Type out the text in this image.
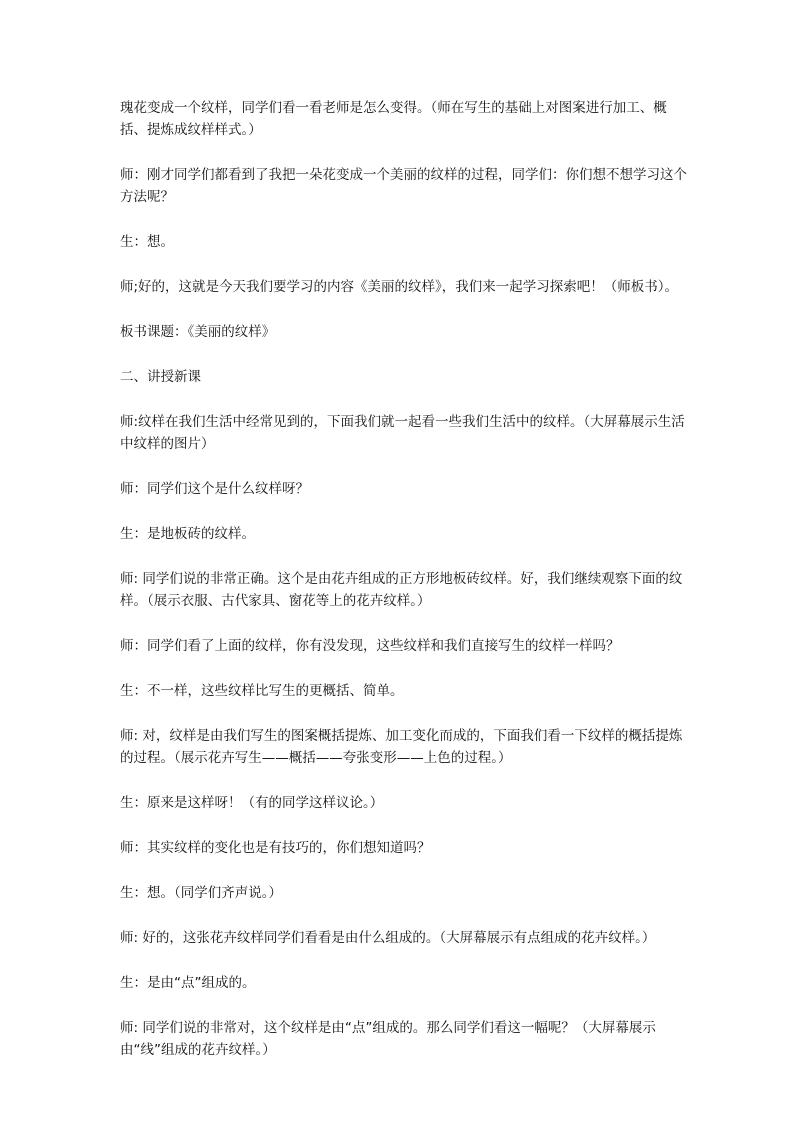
瑰花变成一个纹样，同学们看一看老师是怎么变得。（师在写生的基础上对图案进行加工、概括、提炼成纹样样式。）

师：刚才同学们都看到了我把一朵花变成一个美丽的纹样的过程，同学们：你们想不想学习这个方法呢？

生：想。

师;好的，这就是今天我们要学习的内容《美丽的纹样》，我们来一起学习探索吧！（师板书）。

板书课题：《美丽的纹样》

二、讲授新课

师:纹样在我们生活中经常见到的，下面我们就一起看一些我们生活中的纹样。（大屏幕展示生活中纹样的图片）

师：同学们这个是什么纹样呀？

生：是地板砖的纹样。

师: 同学们说的非常正确。这个是由花卉组成的正方形地板砖纹样。好，我们继续观察下面的纹样。（展示衣服、古代家具、窗花等上的花卉纹样。）

师：同学们看了上面的纹样，你有没发现，这些纹样和我们直接写生的纹样一样吗？

生：不一样，这些纹样比写生的更概括、简单。

师: 对，纹样是由我们写生的图案概括提炼、加工变化而成的，下面我们看一下纹样的概括提炼的过程。（展示花卉写生——概括——夸张变形——上色的过程。）

生：原来是这样呀！（有的同学这样议论。）

师：其实纹样的变化也是有技巧的，你们想知道吗？

生：想。（同学们齐声说。）

师: 好的，这张花卉纹样同学们看看是由什么组成的。（大屏幕展示有点组成的花卉纹样。）

生：是由“点”组成的。

师: 同学们说的非常对，这个纹样是由“点”组成的。那么同学们看这一幅呢？（大屏幕展示由“线”组成的花卉纹样。）
